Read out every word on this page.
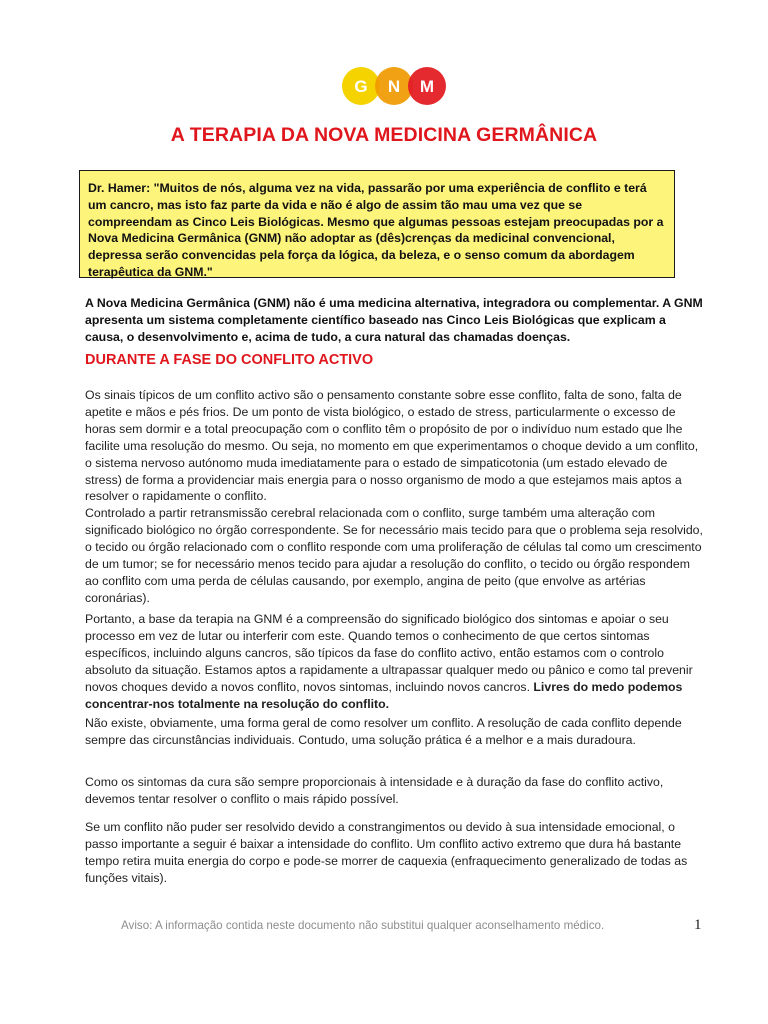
G N M
A TERAPIA DA NOVA MEDICINA GERMÂNICA
Dr. Hamer: "Muitos de nós, alguma vez na vida, passarão por uma experiência de conflito e terá um cancro, mas isto faz parte da vida e não é algo de assim tão mau uma vez que se compreendam as Cinco Leis Biológicas. Mesmo que algumas pessoas estejam preocupadas por a Nova Medicina Germânica (GNM) não adoptar as (dês)crenças da medicinal convencional, depressa serão convencidas pela força da lógica, da beleza, e o senso comum da abordagem terapêutica da GNM."
A Nova Medicina Germânica (GNM) não é uma medicina alternativa, integradora ou complementar. A GNM apresenta um sistema completamente científico baseado nas Cinco Leis Biológicas que explicam a causa, o desenvolvimento e, acima de tudo, a cura natural das chamadas doenças.
DURANTE A FASE DO CONFLITO ACTIVO
Os sinais típicos de um conflito activo são o pensamento constante sobre esse conflito, falta de sono, falta de apetite e mãos e pés frios. De um ponto de vista biológico, o estado de stress, particularmente o excesso de horas sem dormir e a total preocupação com o conflito têm o propósito de por o indivíduo num estado que lhe facilite uma resolução do mesmo. Ou seja, no momento em que experimentamos o choque devido a um conflito, o sistema nervoso autónomo muda imediatamente para o estado de simpaticotonia (um estado elevado de stress) de forma a providenciar mais energia para o nosso organismo de modo a que estejamos mais aptos a resolver o rapidamente o conflito.
Controlado a partir retransmissão cerebral relacionada com o conflito, surge também uma alteração com significado biológico no órgão correspondente. Se for necessário mais tecido para que o problema seja resolvido, o tecido ou órgão relacionado com o conflito responde com uma proliferação de células tal como um crescimento de um tumor; se for necessário menos tecido para ajudar a resolução do conflito, o tecido ou órgão respondem ao conflito com uma perda de células causando, por exemplo, angina de peito (que envolve as artérias coronárias).
Portanto, a base da terapia na GNM é a compreensão do significado biológico dos sintomas e apoiar o seu processo em vez de lutar ou interferir com este. Quando temos o conhecimento de que certos sintomas específicos, incluindo alguns cancros, são típicos da fase do conflito activo, então estamos com o controlo absoluto da situação. Estamos aptos a rapidamente a ultrapassar qualquer medo ou pânico e como tal prevenir novos choques devido a novos conflito, novos sintomas, incluindo novos cancros. Livres do medo podemos concentrar-nos totalmente na resolução do conflito.
Não existe, obviamente, uma forma geral de como resolver um conflito. A resolução de cada conflito depende sempre das circunstâncias individuais. Contudo, uma solução prática é a melhor e a mais duradoura.
Como os sintomas da cura são sempre proporcionais à intensidade e à duração da fase do conflito activo, devemos tentar resolver o conflito o mais rápido possível.
Se um conflito não puder ser resolvido devido a constrangimentos ou devido à sua intensidade emocional, o passo importante a seguir é baixar a intensidade do conflito. Um conflito activo extremo que dura há bastante tempo retira muita energia do corpo e pode-se morrer de caquexia (enfraquecimento generalizado de todas as funções vitais).
Aviso: A informação contida neste documento não substitui qualquer aconselhamento médico.	1
